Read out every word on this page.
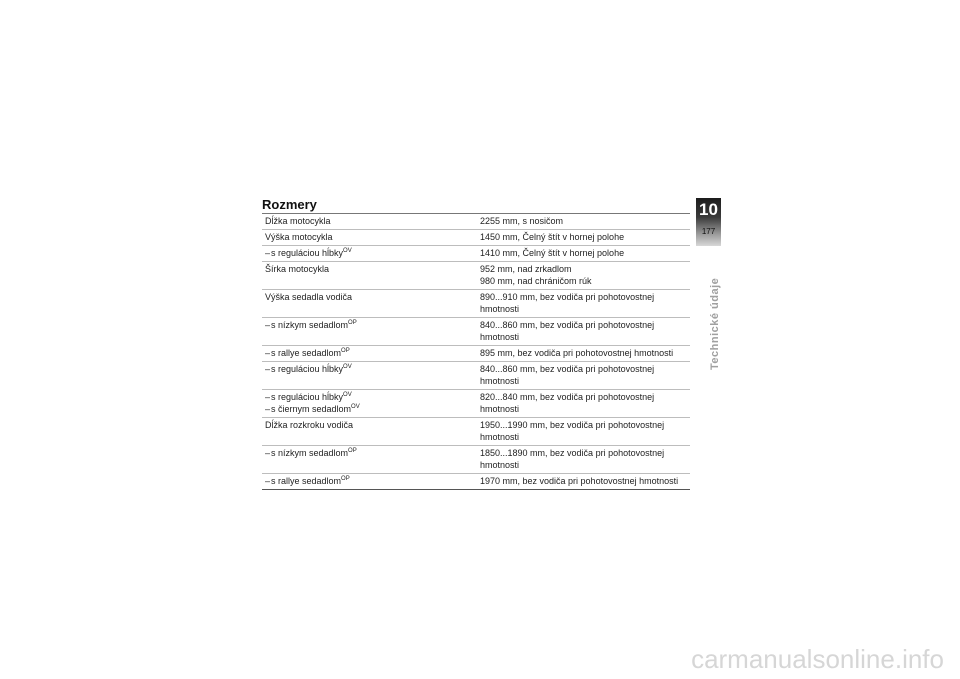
Rozmery
Dĺžka motocykla	2255 mm, s nosičom
Výška motocykla	1450 mm, Čelný štít v hornej polohe
–s reguláciou hĺbky$^{OV}$	1410 mm, Čelný štít v hornej polohe
Šírka motocykla	952 mm, nad zrkadlom
980 mm, nad chráničom rúk
Výška sedadla vodiča	890...910 mm, bez vodiča pri pohotovostnej
hmotnosti
–s nízkym sedadlom$^{OP}$	840...860 mm, bez vodiča pri pohotovostnej
hmotnosti
–s rallye sedadlom$^{OP}$	895 mm, bez vodiča pri pohotovostnej hmotnosti
–s reguláciou hĺbky$^{OV}$	840...860 mm, bez vodiča pri pohotovostnej
hmotnosti
–s reguláciou hĺbky$^{OV}$
–s čiernym sedadlom$^{OV}$
820...840 mm, bez vodiča pri pohotovostnej
hmotnosti
Dĺžka rozkroku vodiča	1950...1990 mm, bez vodiča pri pohotovostnej
hmotnosti
–s nízkym sedadlom$^{OP}$	1850...1890 mm, bez vodiča pri pohotovostnej
hmotnosti
–s rallye sedadlom$^{OP}$	1970 mm, bez vodiča pri pohotovostnej hmotnosti
10
177
Technické údaje
carmanualsonline.info
